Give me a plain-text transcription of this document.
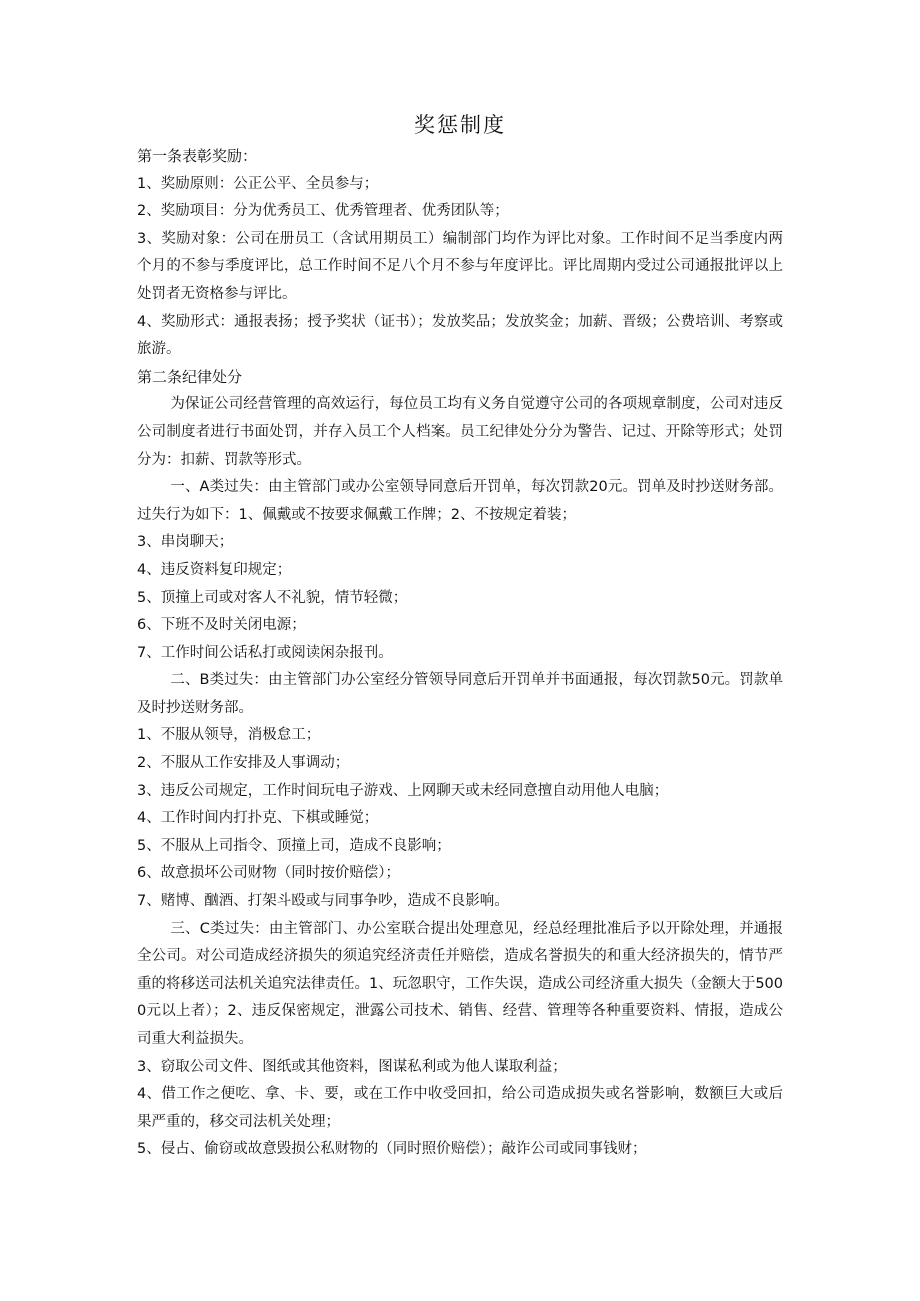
奖惩制度

第一条表彰奖励：

1、奖励原则：公正公平、全员参与；

2、奖励项目：分为优秀员工、优秀管理者、优秀团队等；

3、奖励对象：公司在册员工（含试用期员工）编制部门均作为评比对象。工作时间不足当季度内两个月的不参与季度评比，总工作时间不足八个月不参与年度评比。评比周期内受过公司通报批评以上处罚者无资格参与评比。

4、奖励形式：通报表扬；授予奖状（证书）；发放奖品；发放奖金；加薪、晋级；公费培训、考察或旅游。

第二条纪律处分

为保证公司经营管理的高效运行，每位员工均有义务自觉遵守公司的各项规章制度，公司对违反公司制度者进行书面处罚，并存入员工个人档案。员工纪律处分分为警告、记过、开除等形式；处罚分为：扣薪、罚款等形式。

一、A类过失：由主管部门或办公室领导同意后开罚单，每次罚款20元。罚单及时抄送财务部。过失行为如下：1、佩戴或不按要求佩戴工作牌；2、不按规定着装；

3、串岗聊天；

4、违反资料复印规定；

5、顶撞上司或对客人不礼貌，情节轻微；

6、下班不及时关闭电源；

7、工作时间公话私打或阅读闲杂报刊。

二、B类过失：由主管部门办公室经分管领导同意后开罚单并书面通报，每次罚款50元。罚款单及时抄送财务部。

1、不服从领导，消极怠工；

2、不服从工作安排及人事调动；

3、违反公司规定，工作时间玩电子游戏、上网聊天或未经同意擅自动用他人电脑；

4、工作时间内打扑克、下棋或睡觉；

5、不服从上司指令、顶撞上司，造成不良影响；

6、故意损坏公司财物（同时按价赔偿）；

7、赌博、酗酒、打架斗殴或与同事争吵，造成不良影响。

三、C类过失：由主管部门、办公室联合提出处理意见，经总经理批准后予以开除处理，并通报全公司。对公司造成经济损失的须追究经济责任并赔偿，造成名誉损失的和重大经济损失的，情节严重的将移送司法机关追究法律责任。1、玩忽职守，工作失误，造成公司经济重大损失（金额大于5000元以上者）；2、违反保密规定，泄露公司技术、销售、经营、管理等各种重要资料、情报，造成公司重大利益损失。

3、窃取公司文件、图纸或其他资料，图谋私利或为他人谋取利益；

4、借工作之便吃、拿、卡、要，或在工作中收受回扣，给公司造成损失或名誉影响，数额巨大或后果严重的，移交司法机关处理；

5、侵占、偷窃或故意毁损公私财物的（同时照价赔偿）；敲诈公司或同事钱财；
